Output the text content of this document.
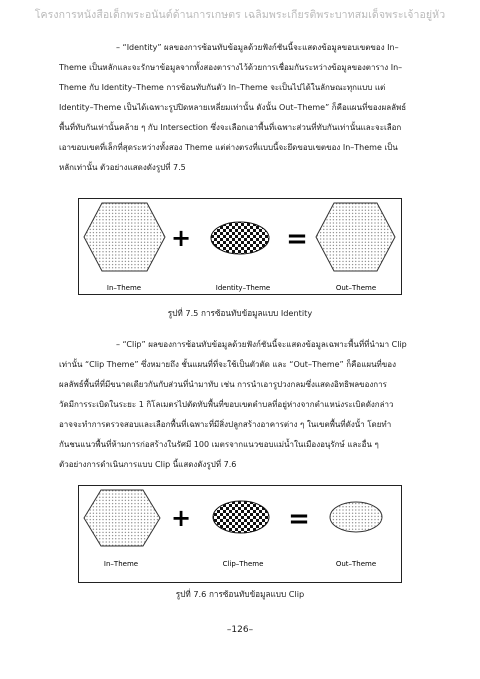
โครงการหนังสือเด็กพระอนันต์ด้านการเกษตร เฉลิมพระเกียรติพระบาทสมเด็จพระเจ้าอยู่หัว
– “Identity” ผลของการซ้อนทับข้อมูลด้วยฟังก์ชันนี้จะแสดงข้อมูลขอบเขตของ In–
Theme เป็นหลักและจะรักษาข้อมูลจากทั้งสองตารางไว้ด้วยการเชื่อมกันระหว่างข้อมูลของตาราง In–
Theme กับ Identity–Theme การซ้อนทับกันตัว In–Theme จะเป็นไปได้ในลักษณะทุกแบบ แต่
Identity–Theme เป็นได้เฉพาะรูปปิดหลายเหลี่ยมเท่านั้น ดังนั้น Out–Theme” ก็คือแผนที่ของผลลัพธ์
พื้นที่ทับกันเท่านั้นคล้าย ๆ กับ Intersection ซึ่งจะเลือกเอาพื้นที่เฉพาะส่วนที่ทับกันเท่านั้นและจะเลือก
เอาขอบเขตที่เล็กที่สุดระหว่างทั้งสอง Theme แต่ต่างตรงที่แบบนี้จะยึดขอบเขตของ In–Theme เป็น
หลักเท่านั้น ตัวอย่างแสดงดังรูปที่ 7.5
+	=
In–Theme	Identity–Theme	Out–Theme
รูปที่ 7.5 การซ้อนทับข้อมูลแบบ Identity
– “Clip” ผลของการซ้อนทับข้อมูลด้วยฟังก์ชันนี้จะแสดงข้อมูลเฉพาะพื้นที่ที่นำมา Clip
เท่านั้น “Clip Theme” ซึ่งหมายถึง ชั้นแผนที่ที่จะใช้เป็นตัวตัด และ “Out–Theme” ก็คือแผนที่ของ
ผลลัพธ์พื้นที่ที่มีขนาดเดียวกันกับส่วนที่นำมาทับ เช่น การนำเอารูปวงกลมซึ่งแสดงอิทธิพลของการ
วัดมีการระเบิดในระยะ 1 กิโลเมตรไปตัดทับพื้นที่ขอบเขตตำบลที่อยู่ห่างจากตำแหน่งระเบิดดังกล่าว
อาจจะทำการตรวจสอบและเลือกพื้นที่เฉพาะที่มีสิ่งปลูกสร้างอาคารต่าง ๆ ในเขตพื้นที่ดังนั้า โดยทำ
กันชนแนวพื้นที่ห้ามการก่อสร้างในรัศมี 100 เมตรจากแนวขอบแม่น้ำในเมืองอนุรักษ์ และอื่น ๆ
ตัวอย่างการดำเนินการแบบ Clip นี้แสดงดังรูปที่ 7.6
+	=
In–Theme	Clip–Theme	Out–Theme
รูปที่ 7.6 การซ้อนทับข้อมูลแบบ Clip
–126–
